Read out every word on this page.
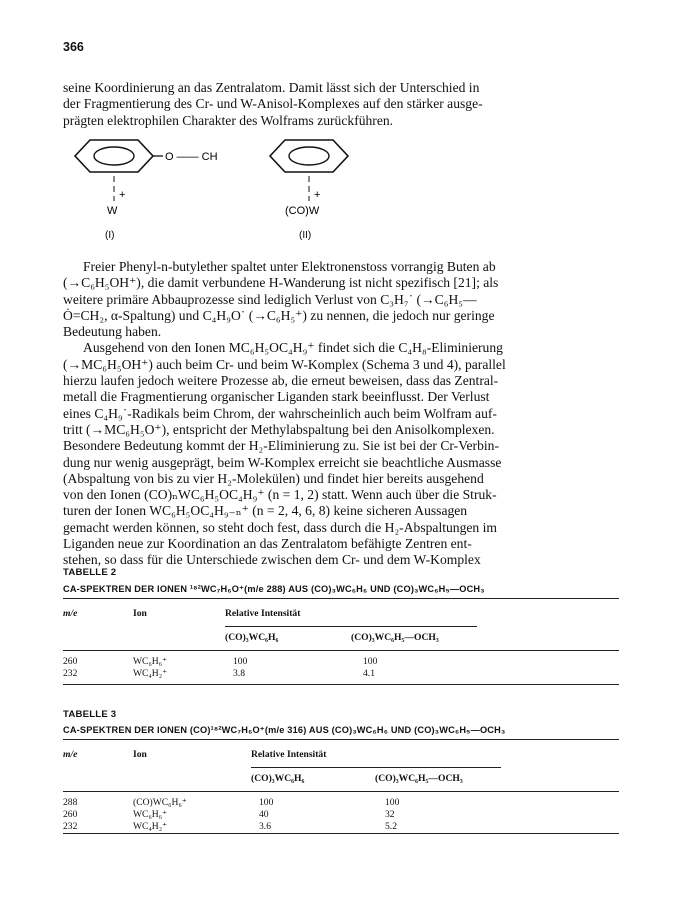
366
seine Koordinierung an das Zentralatom. Damit lässt sich der Unterschied in
der Fragmentierung des Cr- und W-Anisol-Komplexes auf den stärker ausge-
prägten elektrophilen Charakter des Wolframs zurückführen.
O —— CH
W
+
(I)
(CO)W
+
(II)
Freier Phenyl-n-butylether spaltet unter Elektronenstoss vorrangig Buten ab
(→C₆H₅OH⁺), die damit verbundene H-Wanderung ist nicht spezifisch [21]; als
weitere primäre Abbauprozesse sind lediglich Verlust von C₃H₇˙ (→C₆H₅—
Ȯ=CH₂, α-Spaltung) und C₄H₉O˙ (→C₆H₅⁺) zu nennen, die jedoch nur geringe
Bedeutung haben.
Ausgehend von den Ionen MC₆H₅OC₄H₉⁺ findet sich die C₄H₈-Eliminierung
(→MC₆H₅OH⁺) auch beim Cr- und beim W-Komplex (Schema 3 und 4), parallel
hierzu laufen jedoch weitere Prozesse ab, die erneut beweisen, dass das Zentral-
metall die Fragmentierung organischer Liganden stark beeinflusst. Der Verlust
eines C₄H₉˙-Radikals beim Chrom, der wahrscheinlich auch beim Wolfram auf-
tritt (→MC₆H₅O⁺), entspricht der Methylabspaltung bei den Anisolkomplexen.
Besondere Bedeutung kommt der H₂-Eliminierung zu. Sie ist bei der Cr-Verbin-
dung nur wenig ausgeprägt, beim W-Komplex erreicht sie beachtliche Ausmasse
(Abspaltung von bis zu vier H₂-Molekülen) und findet hier bereits ausgehend
von den Ionen (CO)ₙWC₆H₅OC₄H₉⁺ (n = 1, 2) statt. Wenn auch über die Struk-
turen der Ionen WC₆H₅OC₄H₉₋ₙ⁺ (n = 2, 4, 6, 8) keine sicheren Aussagen
gemacht werden können, so steht doch fest, dass durch die H₂-Abspaltungen im
Liganden neue zur Koordination an das Zentralatom befähigte Zentren ent-
stehen, so dass für die Unterschiede zwischen dem Cr- und dem W-Komplex
TABELLE 2
CA-SPEKTREN DER IONEN ¹⁸²WC₇H₆O⁺(m/e 288) AUS (CO)₃WC₆H₆ UND (CO)₃WC₆H₅—OCH₃
m/e	Ion	Relative Intensität
(CO)₃WC₆H₆	(CO)₃WC₆H₅—OCH₃
260	WC₆H₆⁺	100	100
232	WC₄H₂⁺	3.8	4.1
TABELLE 3
CA-SPEKTREN DER IONEN (CO)¹⁸²WC₇H₆O⁺(m/e 316) AUS (CO)₃WC₆H₆ UND (CO)₃WC₆H₅—OCH₃
m/e	Ion	Relative Intensität
(CO)₃WC₆H₆	(CO)₃WC₆H₅—OCH₃
288	(CO)WC₆H₆⁺	100	100
260	WC₆H₆⁺	40	32
232	WC₄H₂⁺	3.6	5.2
